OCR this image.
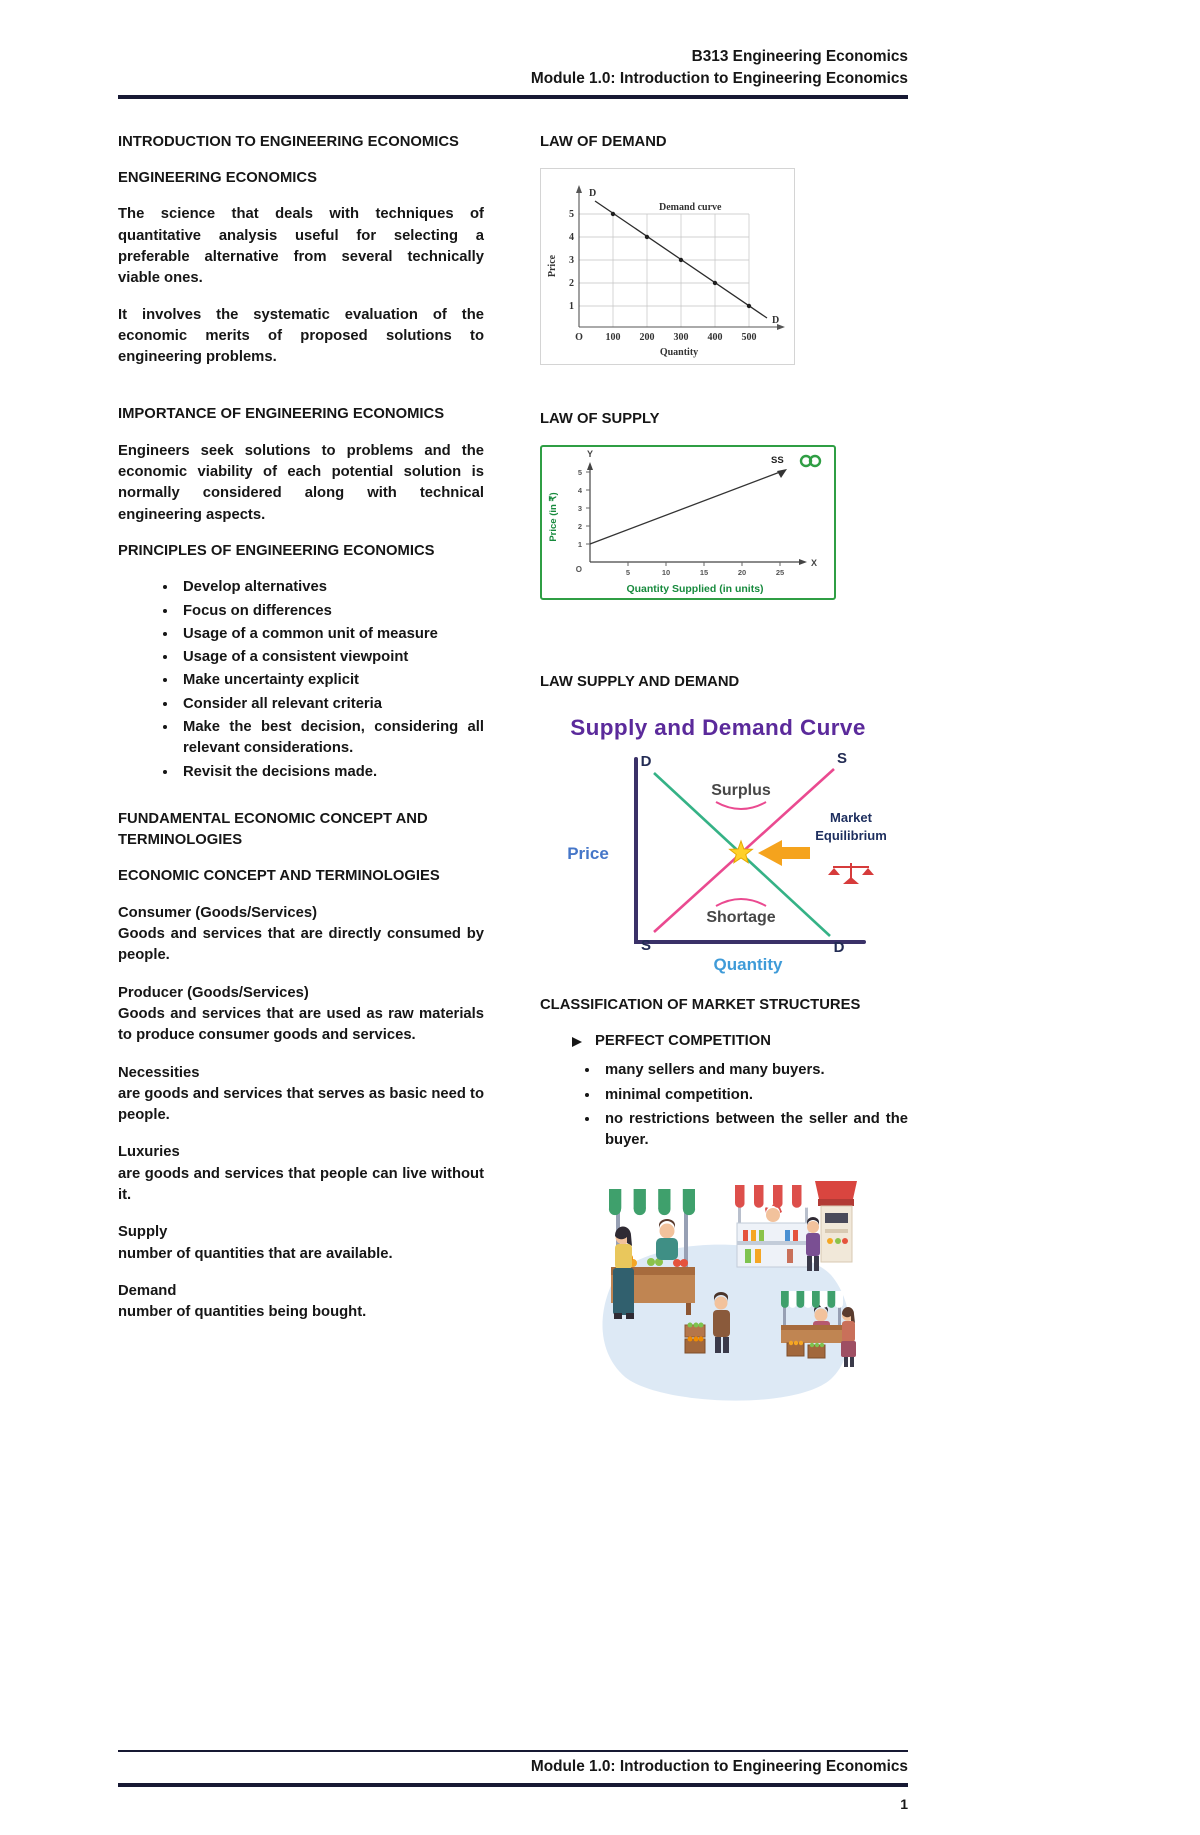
B313 Engineering Economics
Module 1.0: Introduction to Engineering Economics
INTRODUCTION TO ENGINEERING ECONOMICS
ENGINEERING ECONOMICS

The science that deals with techniques of quantitative analysis useful for selecting a preferable alternative from several technically viable ones.

It involves the systematic evaluation of the economic merits of proposed solutions to engineering problems.

IMPORTANCE OF ENGINEERING ECONOMICS

Engineers seek solutions to problems and the economic viability of each potential solution is normally considered along with technical engineering aspects.

PRINCIPLES OF ENGINEERING ECONOMICS
• Develop alternatives
• Focus on differences
• Usage of a common unit of measure
• Usage of a consistent viewpoint
• Make uncertainty explicit
• Consider all relevant criteria
• Make the best decision, considering all relevant considerations.
• Revisit the decisions made.
FUNDAMENTAL ECONOMIC CONCEPT AND TERMINOLOGIES
ECONOMIC CONCEPT AND TERMINOLOGIES
Consumer (Goods/Services)
Goods and services that are directly consumed by people.
Producer (Goods/Services)
Goods and services that are used as raw materials to produce consumer goods and services.
Necessities
are goods and services that serves as basic need to people.
Luxuries
are goods and services that people can live without it.
Supply
number of quantities that are available.
Demand
number of quantities being bought.
LAW OF DEMAND
D
D
Demand curve
5
4
3
2
1
O 100 200 300 400 500
Price
Quantity
LAW OF SUPPLY
Y
X
O
1
2
3
4
5
5	10	15	20	25
SS
Price (in ₹)
Quantity Supplied (in units)
LAW SUPPLY AND DEMAND
Supply and Demand Curve
Price
Quantity
D
D
S
S
Surplus
Shortage
Market
Equilibrium
CLASSIFICATION OF MARKET STRUCTURES
PERFECT COMPETITION
• many sellers and many buyers.
• minimal competition.
• no restrictions between the seller and the buyer.
Module 1.0: Introduction to Engineering Economics
1
